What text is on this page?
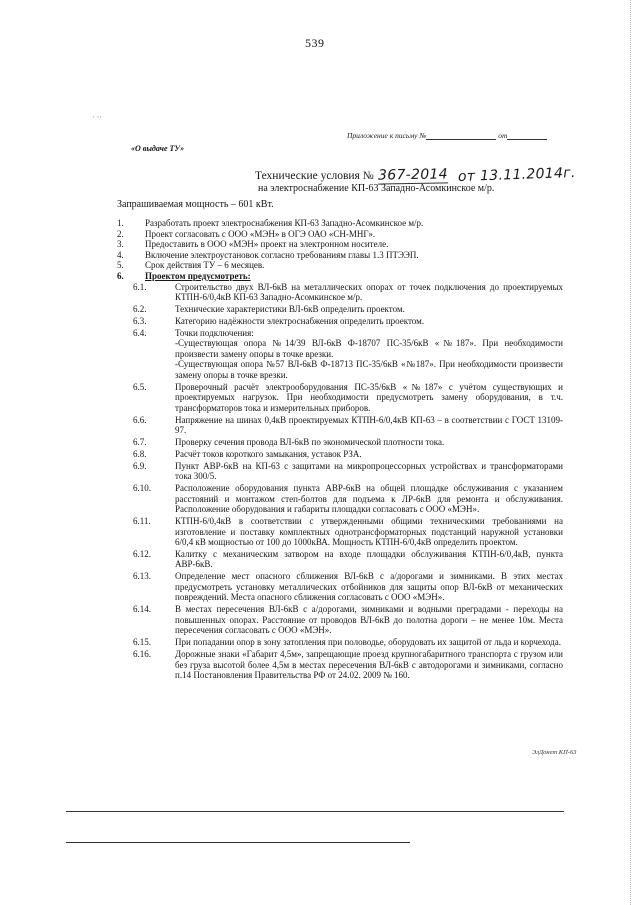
539
· ··
Приложение к письму №	от
«О выдаче ТУ»
Технические условия № 367-2014 от 13.11.2014г.
на электроснабжение КП-63 Западно-Асомкинское м/р.
Запрашиваемая мощность – 601 кВт.
1.	Разработать проект электроснабжения КП-63 Западно-Асомкинское м/р.
2.	Проект согласовать с ООО «МЭН» в ОГЭ ОАО «СН-МНГ».
3.	Предоставить в ООО «МЭН» проект на электронном носителе.
4.	Включение электроустановок согласно требованиям главы 1.3 ПТЭЭП.
5.	Срок действия ТУ – 6 месяцев.
6.	Проектом предусмотреть:
6.1.	Строительство двух ВЛ-6кВ на металлических опорах от точек подключения до проектируемых КТПН-6/0,4кВ КП-63 Западно-Асомкинское м/р.
6.2.	Технические характеристики ВЛ-6кВ определить проектом.
6.3.	Категорию надёжности электроснабжения определить проектом.
6.4.	Точки подключения:
-Существующая опора №14/39 ВЛ-6кВ Ф-18707 ПС-35/6кВ «№187». При необходимости произвести замену опоры в точке врезки.
-Существующая опора №57 ВЛ-6кВ Ф-18713 ПС-35/6кВ «№187». При необходимости произвести замену опоры в точке врезки.
6.5.	Проверочный расчёт электрооборудования ПС-35/6кВ «№187» с учётом существующих и проектируемых нагрузок. При необходимости предусмотреть замену оборудования, в т.ч. трансформаторов тока и измерительных приборов.
6.6.	Напряжение на шинах 0,4кВ проектируемых КТПН-6/0,4кВ КП-63 – в соответствии с ГОСТ 13109-97.
6.7.	Проверку сечения провода ВЛ-6кВ по экономической плотности тока.
6.8.	Расчёт токов короткого замыкания, уставок РЗА.
6.9.	Пункт АВР-6кВ на КП-63 с защитами на микропроцессорных устройствах и трансформаторами тока 300/5.
6.10.	Расположение оборудования пункта АВР-6кВ на общей площадке обслуживания с указанием расстояний и монтажом степ-болтов для подъема к ЛР-6кВ для ремонта и обслуживания. Расположение оборудования и габариты площадки согласовать с ООО «МЭН».
6.11.	КТПН-6/0,4кВ в соответствии с утвержденными общими техническими требованиями на изготовление и поставку комплектных однотрансформаторных подстанций наружной установки 6/0,4 кВ мощностью от 100 до 1000кВА. Мощность КТПН-6/0,4кВ определить проектом.
6.12.	Калитку с механическим затвором на входе площадки обслуживания КТПН-6/0,4кВ, пункта АВР-6кВ.
6.13.	Определение мест опасного сближения ВЛ-6кВ с а/дорогами и зимниками. В этих местах предусмотреть установку металлических отбойников для защиты опор ВЛ-6кВ от механических повреждений. Места опасного сближения согласовать с ООО «МЭН».
6.14.	В местах пересечения ВЛ-6кВ с а/дорогами, зимниками и водными преградами - переходы на повышенных опорах. Расстояние от проводов ВЛ-6кВ до полотна дороги – не менее 10м. Места пересечения согласовать с ООО «МЭН».
6.15.	При попадании опор в зону затопления при половодье, оборудовать их защитой от льда и корчехода.
6.16.	Дорожные знаки «Габарит 4,5м», запрещающие проезд крупногабаритного транспорта с грузом или без груза высотой более 4,5м в местах пересечения ВЛ-6кВ с автодорогами и зимниками, согласно п.14 Постановления Правительства РФ от 24.02. 2009 № 160.
ЭлДонет КП-63
